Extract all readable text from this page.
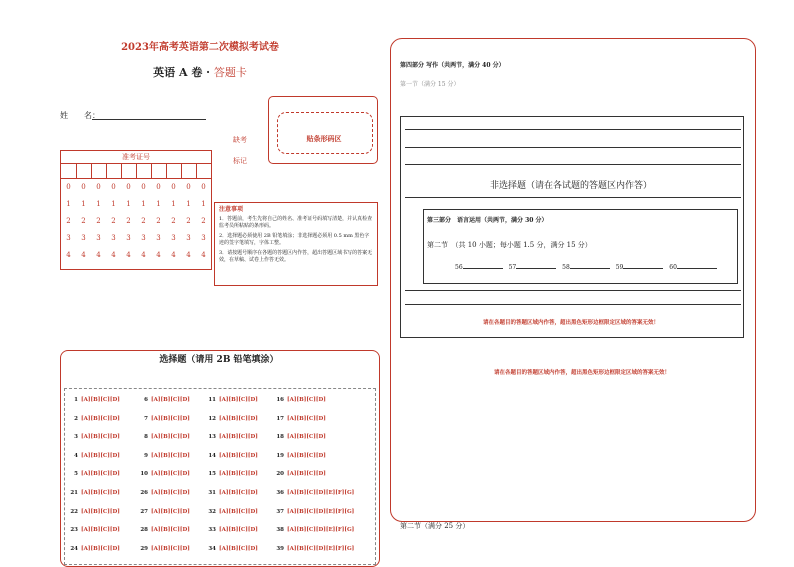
2023年高考英语第二次模拟考试卷
英语 A 卷 · 答题卡
姓　　名：
贴条形码区
缺考
标记
准考证号
0	0	0	0	0	0	0	0	0	0
1	1	1	1	1	1	1	1	1	1
2	2	2	2	2	2	2	2	2	2
3	3	3	3	3	3	3	3	3	3
4	4	4	4	4	4	4	4	4	4
注意事项
1．答题前，考生先将自己的姓名、准考证号码填写清楚，并认真检查监考员所粘贴的条形码。
2．选择题必须使用 2B 铅笔填涂；非选择题必须用 0.5 mm 黑色字迹的签字笔填写，字体工整。
3．请按题号顺序在各题的答题区内作答，超出答题区域书写的答案无效，在草稿、试卷上作答无效。
选择题（请用 2B 铅笔填涂）
1 [A][B][C][D]	6 [A][B][C][D]	11 [A][B][C][D]	16 [A][B][C][D]
2 [A][B][C][D]	7 [A][B][C][D]	12 [A][B][C][D]	17 [A][B][C][D]
3 [A][B][C][D]	8 [A][B][C][D]	13 [A][B][C][D]	18 [A][B][C][D]
4 [A][B][C][D]	9 [A][B][C][D]	14 [A][B][C][D]	19 [A][B][C][D]
5 [A][B][C][D]	10 [A][B][C][D]	15 [A][B][C][D]	20 [A][B][C][D]
21 [A][B][C][D]	26 [A][B][C][D]	31 [A][B][C][D]	36 [A][B][C][D][E][F][G]
22 [A][B][C][D]	27 [A][B][C][D]	32 [A][B][C][D]	37 [A][B][C][D][E][F][G]
23 [A][B][C][D]	28 [A][B][C][D]	33 [A][B][C][D]	38 [A][B][C][D][E][F][G]
24 [A][B][C][D]	29 [A][B][C][D]	34 [A][B][C][D]	39 [A][B][C][D][E][F][G]
第四部分 写作（共两节，满分 40 分）
第一节（满分 15 分）
非选择题（请在各试题的答题区内作答）
第三部分　语言运用（共两节，满分 30 分）
第二节　（共 10 小题；每小题 1.5 分，满分 15 分）
56	57	58	59	60
请在各题目的答题区域内作答，超出黑色矩形边框限定区域的答案无效！
请在各题目的答题区域内作答，超出黑色矩形边框限定区域的答案无效！
第二节（满分 25 分）
